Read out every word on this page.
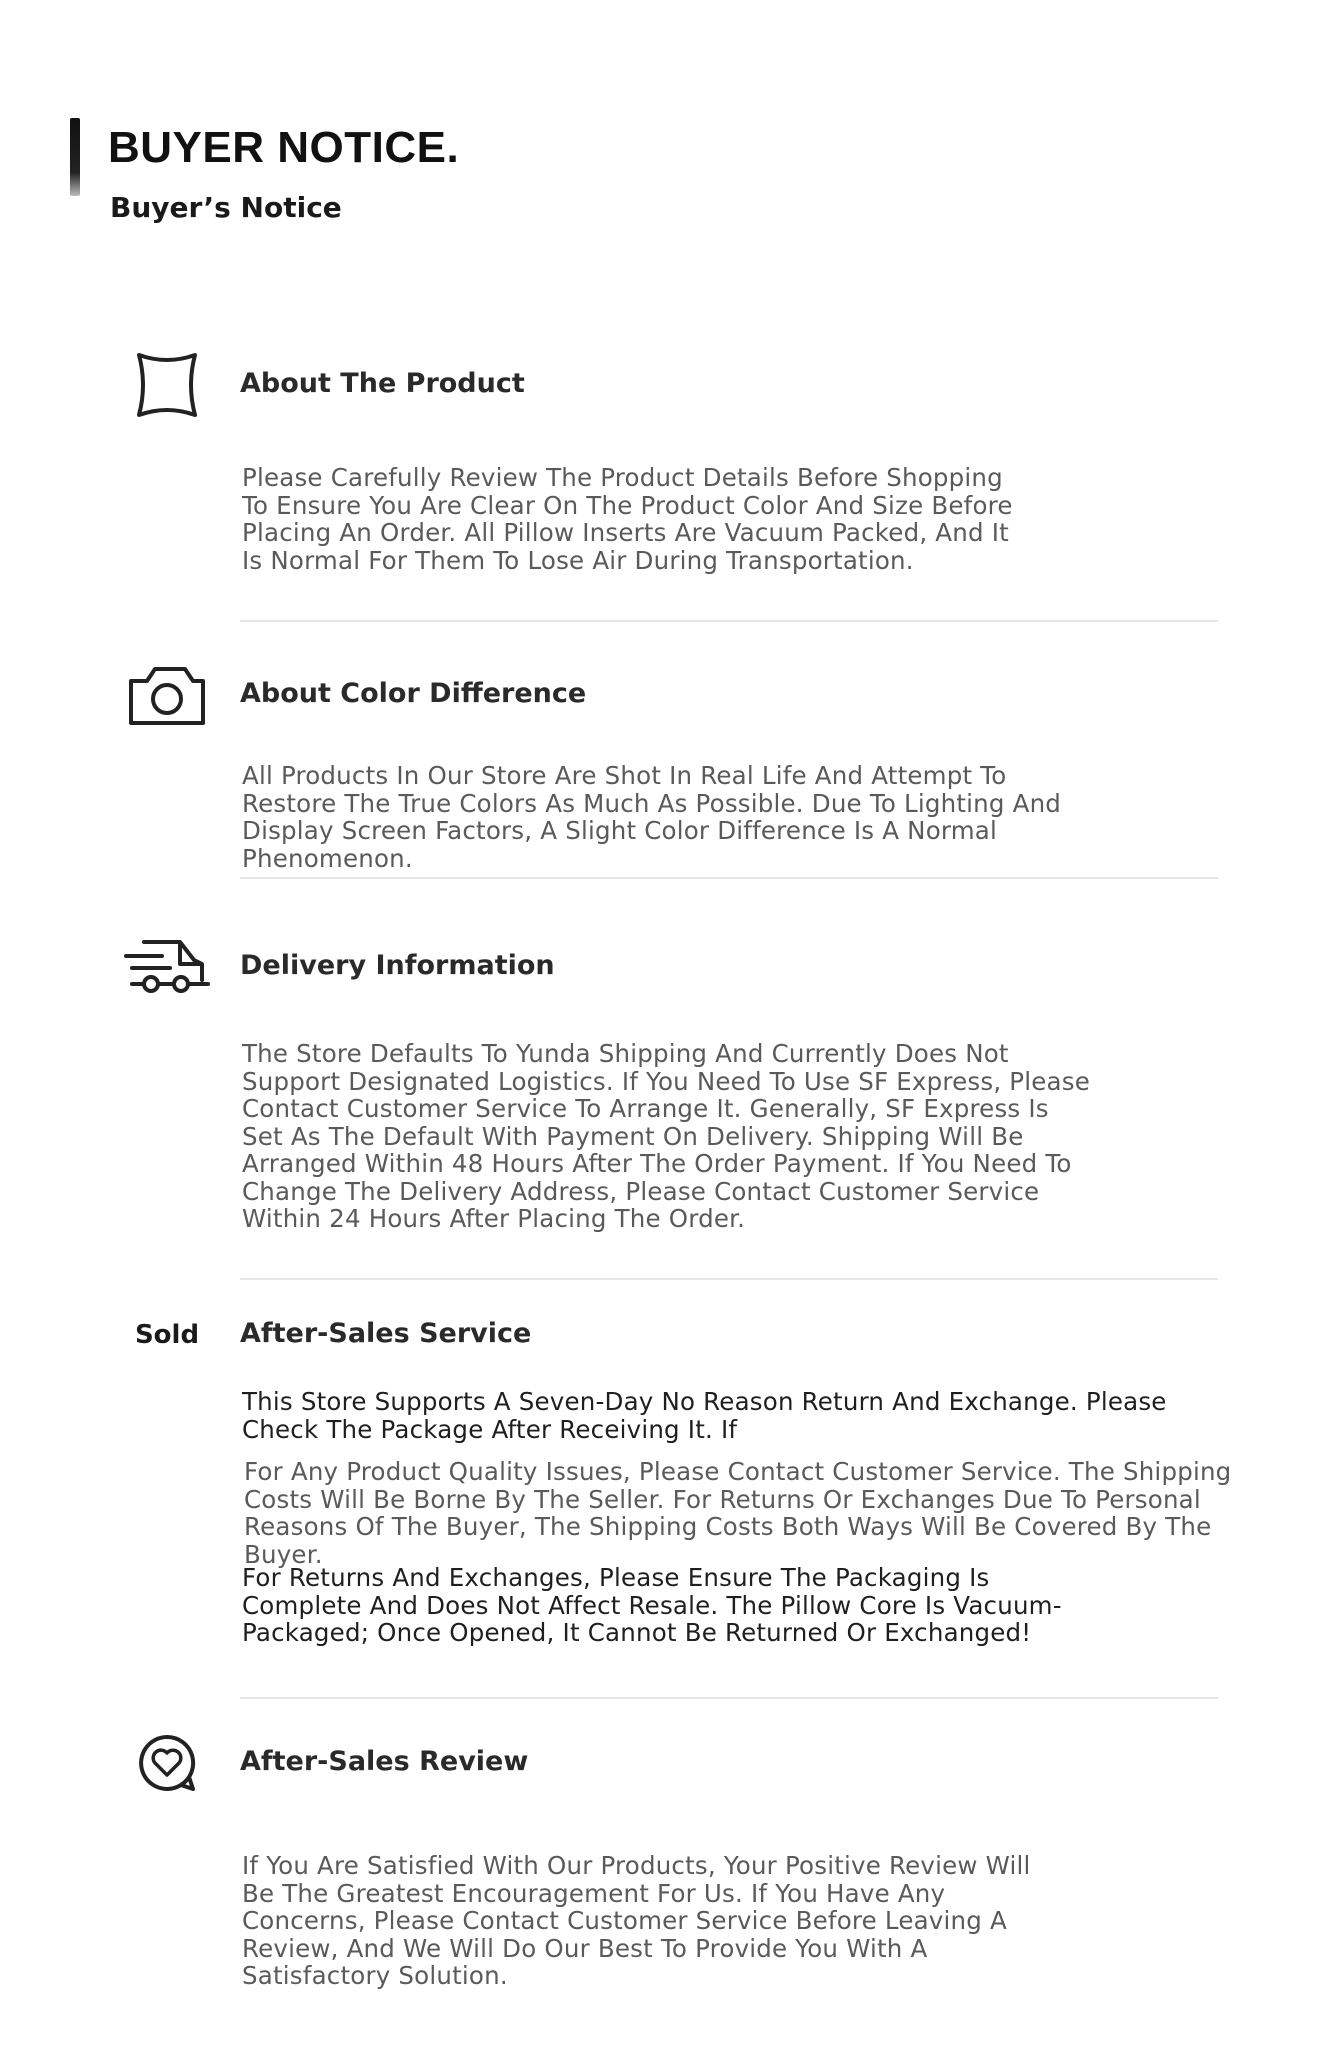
BUYER NOTICE.
Buyer’s Notice
About The Product

Please Carefully Review The Product Details Before Shopping To Ensure You Are Clear On The Product Color And Size Before Placing An Order. All Pillow Inserts Are Vacuum Packed, And It Is Normal For Them To Lose Air During Transportation.

About Color Difference

All Products In Our Store Are Shot In Real Life And Attempt To Restore The True Colors As Much As Possible. Due To Lighting And Display Screen Factors, A Slight Color Difference Is A Normal Phenomenon.

Delivery Information

The Store Defaults To Yunda Shipping And Currently Does Not Support Designated Logistics. If You Need To Use SF Express, Please Contact Customer Service To Arrange It. Generally, SF Express Is Set As The Default With Payment On Delivery. Shipping Will Be Arranged Within 48 Hours After The Order Payment. If You Need To Change The Delivery Address, Please Contact Customer Service Within 24 Hours After Placing The Order.

Sold After-Sales Service

This Store Supports A Seven-Day No Reason Return And Exchange. Please Check The Package After Receiving It. If

For Any Product Quality Issues, Please Contact Customer Service. The Shipping Costs Will Be Borne By The Seller. For Returns Or Exchanges Due To Personal Reasons Of The Buyer, The Shipping Costs Both Ways Will Be Covered By The Buyer.

For Returns And Exchanges, Please Ensure The Packaging Is Complete And Does Not Affect Resale. The Pillow Core Is Vacuum-Packaged; Once Opened, It Cannot Be Returned Or Exchanged!

After-Sales Review

If You Are Satisfied With Our Products, Your Positive Review Will Be The Greatest Encouragement For Us. If You Have Any Concerns, Please Contact Customer Service Before Leaving A Review, And We Will Do Our Best To Provide You With A Satisfactory Solution.
